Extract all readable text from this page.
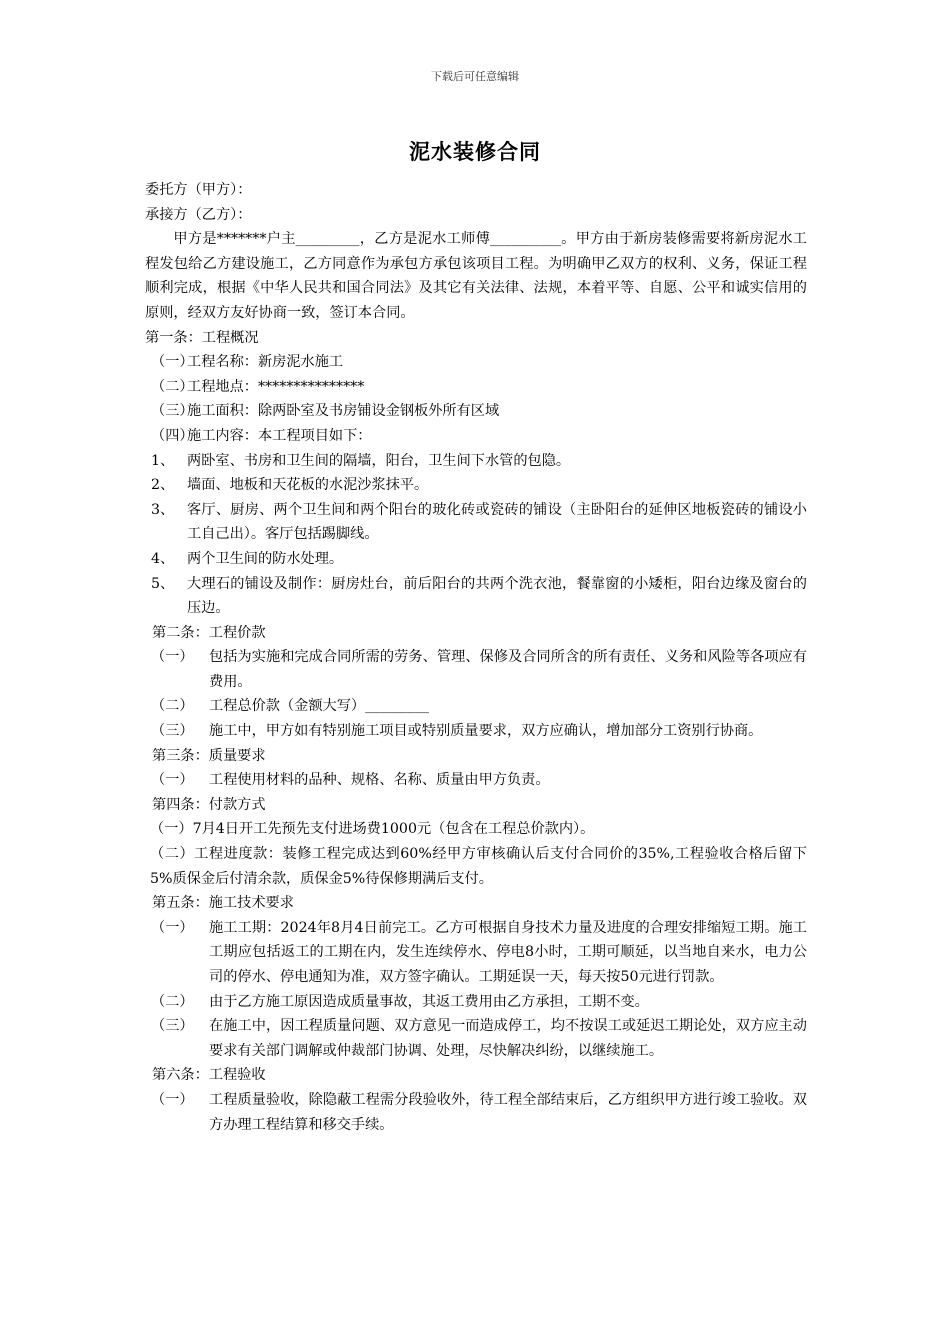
下载后可任意编辑
泥水装修合同

委托方（甲方）：

承接方（乙方）：

甲方是*******户主_________，乙方是泥水工师傅__________。甲方由于新房装修需要将新房泥水工程发包给乙方建设施工，乙方同意作为承包方承包该项目工程。为明确甲乙双方的权利、义务，保证工程顺利完成，根据《中华人民共和国合同法》及其它有关法律、法规，本着平等、自愿、公平和诚实信用的原则，经双方友好协商一致，签订本合同。

第一条：工程概况

（一）
工程名称：新房泥水施工
（二）
工程地点：***************
（三）
施工面积：除两卧室及书房铺设金钢板外所有区域
（四）
施工内容：本工程项目如下：
1、 两卧室、书房和卫生间的隔墙，阳台，卫生间下水管的包隐。
2、 墙面、地板和天花板的水泥沙浆抹平。
3、 客厅、厨房、两个卫生间和两个阳台的玻化砖或瓷砖的铺设（主卧阳台的延伸区地板瓷砖的铺设小工自己出）。客厅包括踢脚线。
4、 两个卫生间的防水处理。
5、 大理石的铺设及制作：厨房灶台，前后阳台的共两个洗衣池，餐靠窗的小矮柜，阳台边缘及窗台的压边。

第二条：工程价款

（一）	包括为实施和完成合同所需的劳务、管理、保修及合同所含的所有责任、义务和风险等各项应有费用。
（二）	工程总价款（金额大写）_________
（三）	施工中，甲方如有特别施工项目或特别质量要求，双方应确认，增加部分工资别行协商。

第三条：质量要求

（一）	工程使用材料的品种、规格、名称、质量由甲方负责。

第四条：付款方式

（一）7月4日开工先预先支付进场费1000元（包含在工程总价款内）。

（二）工程进度款：装修工程完成达到60%经甲方审核确认后支付合同价的35%,工程验收合格后留下5%质保金后付清余款，质保金5%待保修期满后支付。

第五条：施工技术要求

（一）	施工工期：2024年8月4日前完工。乙方可根据自身技术力量及进度的合理安排缩短工期。施工工期应包括返工的工期在内，发生连续停水、停电8小时，工期可顺延，以当地自来水，电力公司的停水、停电通知为准，双方签字确认。工期延误一天，每天按50元进行罚款。
（二）	由于乙方施工原因造成质量事故，其返工费用由乙方承担，工期不变。
（三）	在施工中，因工程质量问题、双方意见一而造成停工，均不按误工或延迟工期论处，双方应主动要求有关部门调解或仲裁部门协调、处理，尽快解决纠纷，以继续施工。

第六条：工程验收

（一）	工程质量验收，除隐蔽工程需分段验收外，待工程全部结束后，乙方组织甲方进行竣工验收。双方办理工程结算和移交手续。
